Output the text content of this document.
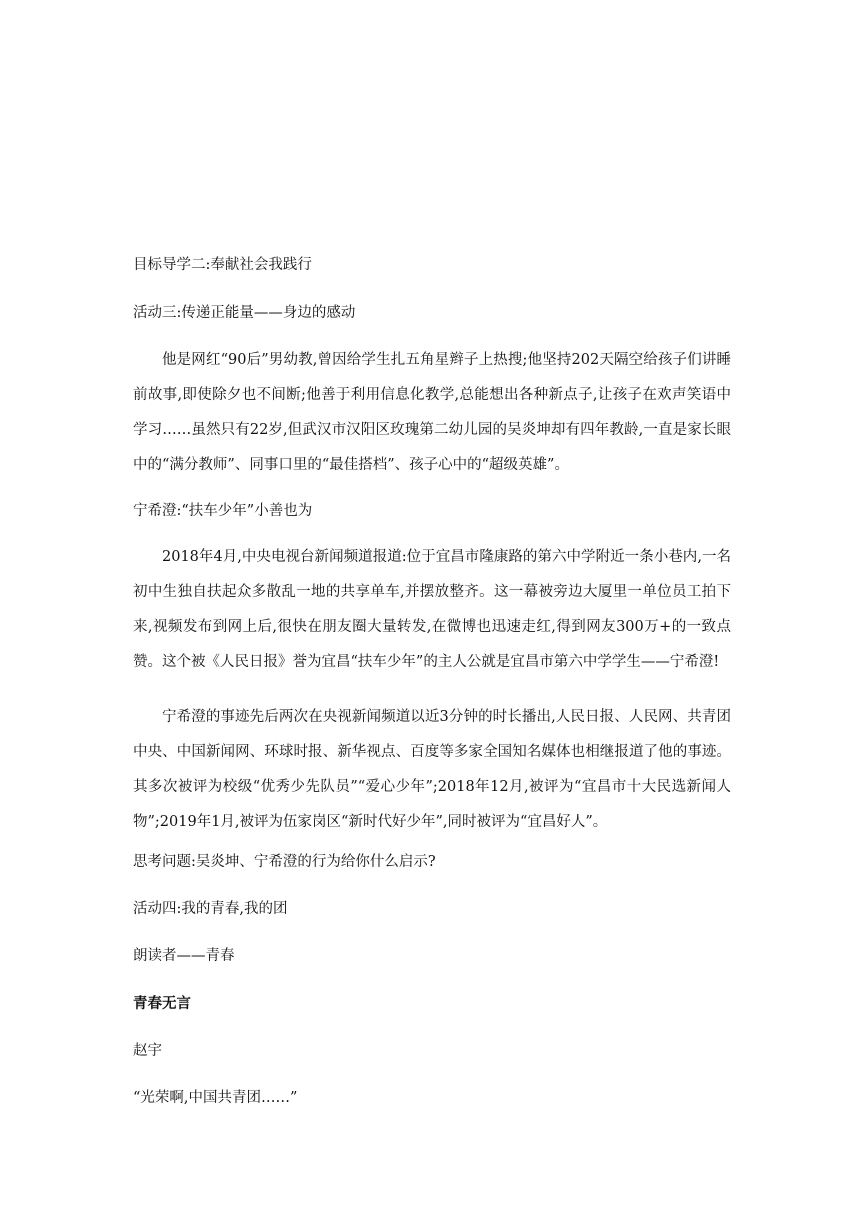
目标导学二:奉献社会我践行
活动三:传递正能量——身边的感动
他是网红“90后”男幼教,曾因给学生扎五角星辫子上热搜;他坚持202天隔空给孩子们讲睡前故事,即使除夕也不间断;他善于利用信息化教学,总能想出各种新点子,让孩子在欢声笑语中学习……虽然只有22岁,但武汉市汉阳区玫瑰第二幼儿园的吴炎坤却有四年教龄,一直是家长眼中的“满分教师”、同事口里的“最佳搭档”、孩子心中的“超级英雄”。
宁希澄:“扶车少年”小善也为
2018年4月,中央电视台新闻频道报道:位于宜昌市隆康路的第六中学附近一条小巷内,一名初中生独自扶起众多散乱一地的共享单车,并摆放整齐。这一幕被旁边大厦里一单位员工拍下来,视频发布到网上后,很快在朋友圈大量转发,在微博也迅速走红,得到网友300万+的一致点赞。这个被《人民日报》誉为宜昌“扶车少年”的主人公就是宜昌市第六中学学生——宁希澄!
宁希澄的事迹先后两次在央视新闻频道以近3分钟的时长播出,人民日报、人民网、共青团中央、中国新闻网、环球时报、新华视点、百度等多家全国知名媒体也相继报道了他的事迹。其多次被评为校级“优秀少先队员”“爱心少年”;2018年12月,被评为“宜昌市十大民选新闻人物”;2019年1月,被评为伍家岗区“新时代好少年”,同时被评为“宜昌好人”。
思考问题:吴炎坤、宁希澄的行为给你什么启示?
活动四:我的青春,我的团
朗读者——青春
青春无言
赵宇
“光荣啊,中国共青团……”
